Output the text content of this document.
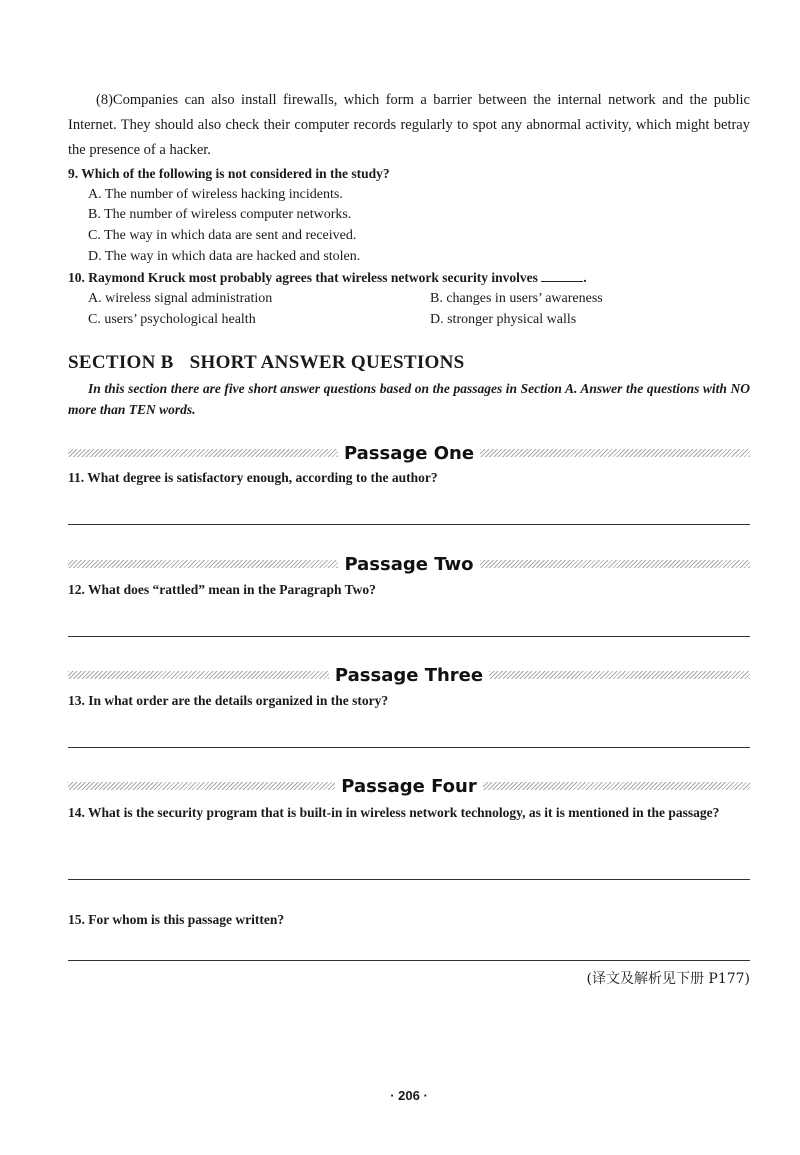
(8)Companies can also install firewalls, which form a barrier between the internal network and the public Internet. They should also check their computer records regularly to spot any abnormal activity, which might betray the presence of a hacker.
9. Which of the following is not considered in the study?
A. The number of wireless hacking incidents.
B. The number of wireless computer networks.
C. The way in which data are sent and received.
D. The way in which data are hacked and stolen.
10. Raymond Kruck most probably agrees that wireless network security involves	.
A. wireless signal administration	B. changes in users’ awareness
C. users’ psychological health	D. stronger physical walls
SECTION B SHORT ANSWER QUESTIONS
In this section there are five short answer questions based on the passages in Section A. Answer the questions with NO more than TEN words.
Passage One
11. What degree is satisfactory enough, according to the author?
Passage Two
12. What does “rattled” mean in the Paragraph Two?
Passage Three
13. In what order are the details organized in the story?
Passage Four
14. What is the security program that is built-in in wireless network technology, as it is mentioned in the passage?
15. For whom is this passage written?
(译文及解析见下册 P177)
· 206 ·
